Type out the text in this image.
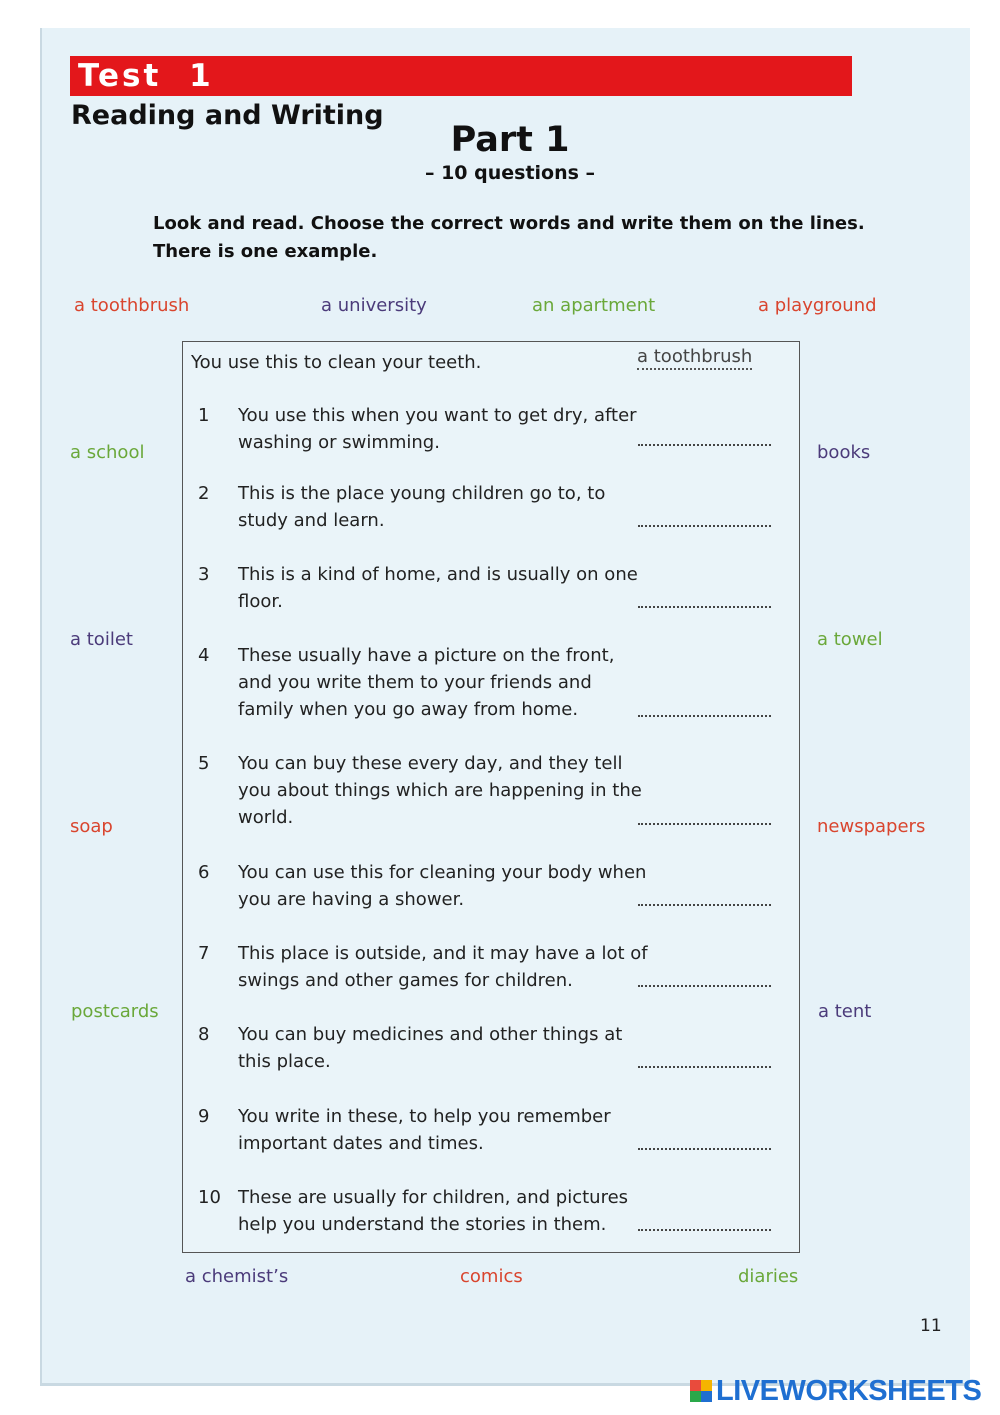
Test 1
Reading and Writing
Part 1
– 10 questions –
Look and read. Choose the correct words and write them on the lines. There is one example.
a toothbrush	a university	an apartment	a playground
a school
a toilet
soap
postcards
books
a towel
newspapers
a tent
a chemist’s	comics	diaries
You use this to clean your teeth.	a toothbrush
1	You use this when you want to get dry, after washing or swimming.
2	This is the place young children go to, to study and learn.
3	This is a kind of home, and is usually on one floor.
4	These usually have a picture on the front, and you write them to your friends and family when you go away from home.
5	You can buy these every day, and they tell you about things which are happening in the world.
6	You can use this for cleaning your body when you are having a shower.
7	This place is outside, and it may have a lot of swings and other games for children.
8	You can buy medicines and other things at this place.
9	You write in these, to help you remember important dates and times.
10 These are usually for children, and pictures help you understand the stories in them.
11
LIVEWORKSHEETS
